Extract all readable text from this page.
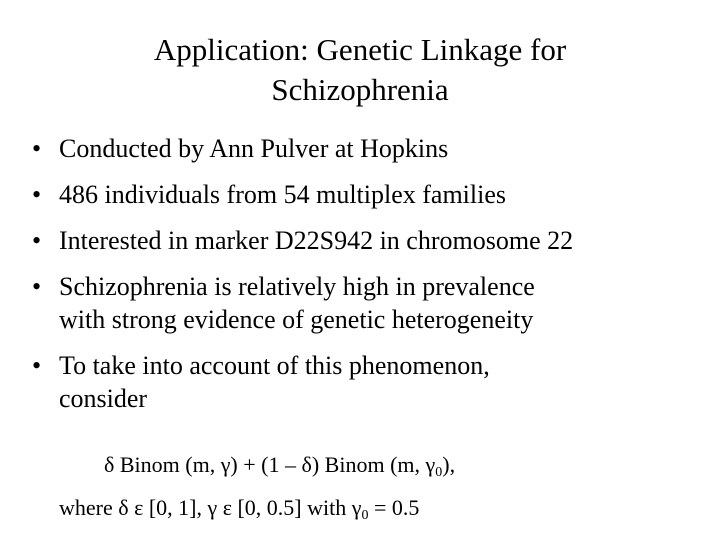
Application: Genetic Linkage for
Schizophrenia
• Conducted by Ann Pulver at Hopkins
• 486 individuals from 54 multiplex families
• Interested in marker D22S942 in chromosome 22
• Schizophrenia is relatively high in prevalence
with strong evidence of genetic heterogeneity
• To take into account of this phenomenon,
consider
δ Binom (m, γ) + (1 – δ) Binom (m, $\gamma_0$),
where δ ε [0, 1], γ ε [0, 0.5] with $\gamma_0 = 0.5$
